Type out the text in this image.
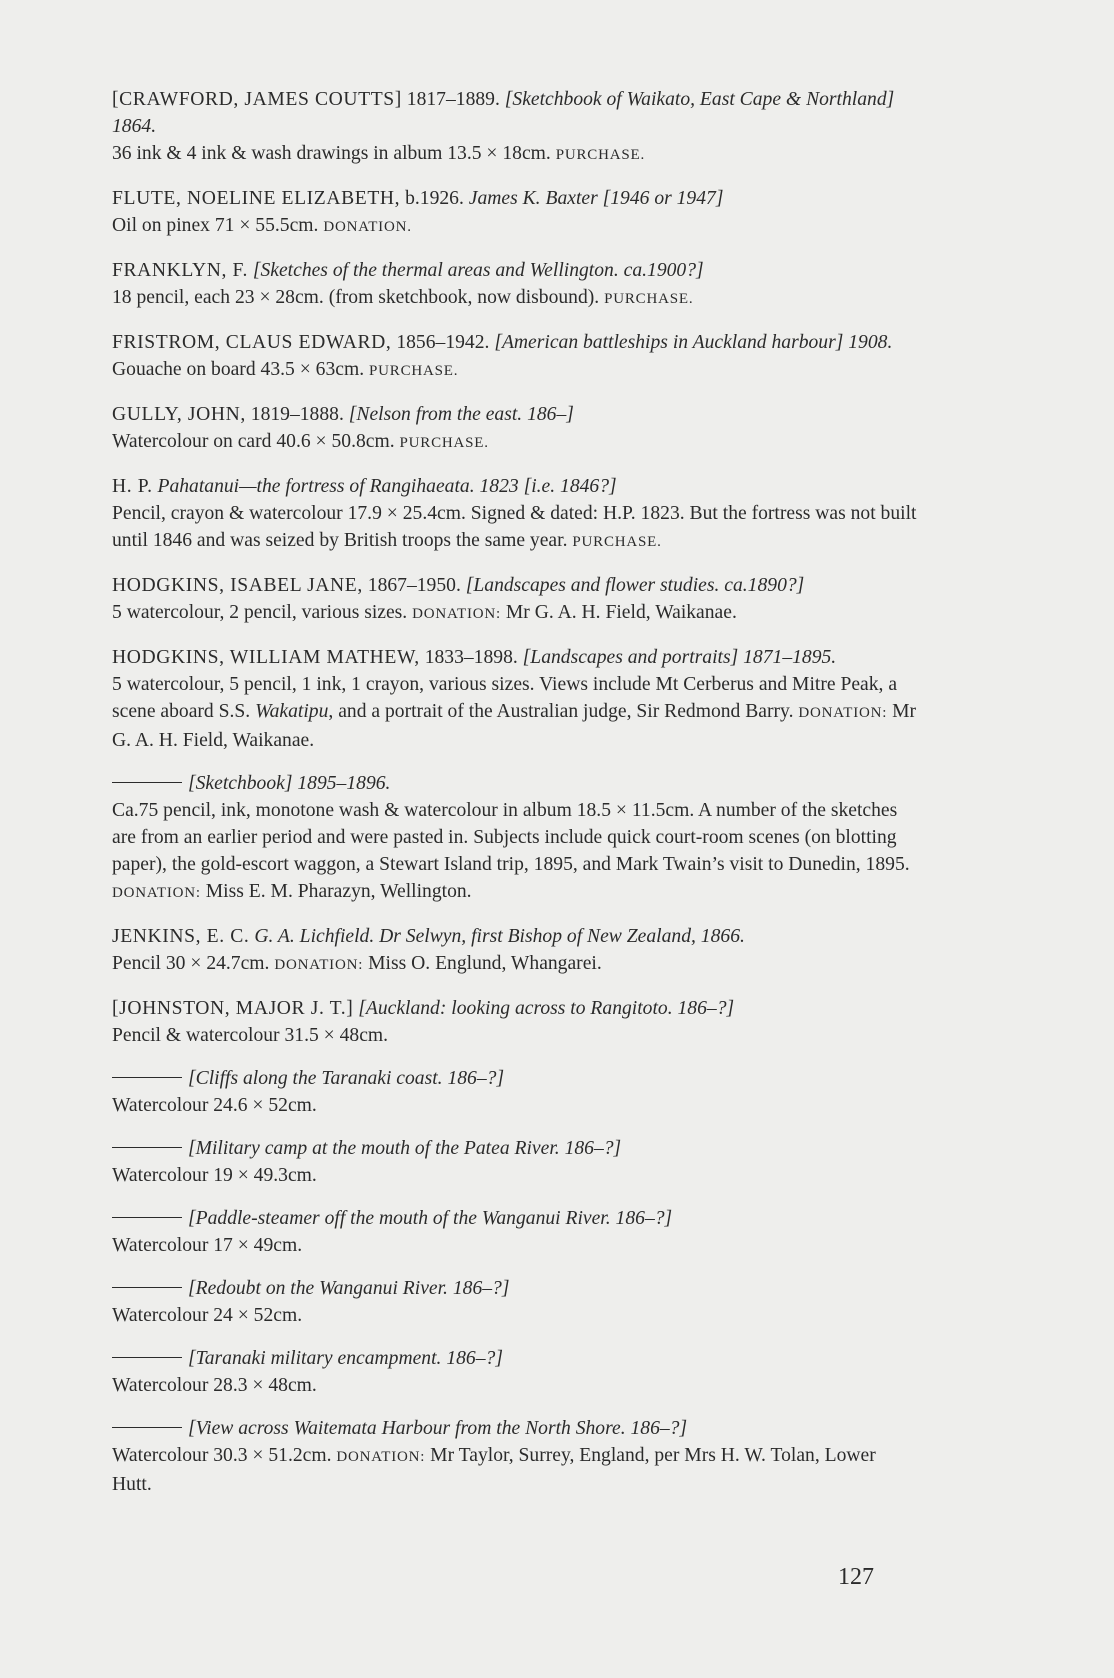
[CRAWFORD, JAMES COUTTS] 1817–1889. [Sketchbook of Waikato, East Cape & Northland] 1864.

36 ink & 4 ink & wash drawings in album 13.5 × 18cm. PURCHASE.

FLUTE, NOELINE ELIZABETH, b.1926. James K. Baxter [1946 or 1947]

Oil on pinex 71 × 55.5cm. DONATION.

FRANKLYN, F. [Sketches of the thermal areas and Wellington. ca.1900?]

18 pencil, each 23 × 28cm. (from sketchbook, now disbound). PURCHASE.

FRISTROM, CLAUS EDWARD, 1856–1942. [American battleships in Auckland harbour] 1908.

Gouache on board 43.5 × 63cm. PURCHASE.

GULLY, JOHN, 1819–1888. [Nelson from the east. 186–]

Watercolour on card 40.6 × 50.8cm. PURCHASE.

H. P. Pahatanui—the fortress of Rangihaeata. 1823 [i.e. 1846?]

Pencil, crayon & watercolour 17.9 × 25.4cm. Signed & dated: H.P. 1823. But the fortress was not built until 1846 and was seized by British troops the same year. PURCHASE.

HODGKINS, ISABEL JANE, 1867–1950. [Landscapes and flower studies. ca.1890?]

5 watercolour, 2 pencil, various sizes. DONATION: Mr G. A. H. Field, Waikanae.

HODGKINS, WILLIAM MATHEW, 1833–1898. [Landscapes and portraits] 1871–1895.

5 watercolour, 5 pencil, 1 ink, 1 crayon, various sizes. Views include Mt Cerberus and Mitre Peak, a scene aboard S.S. Wakatipu, and a portrait of the Australian judge, Sir Redmond Barry. DONATION: Mr G. A. H. Field, Waikanae.

[Sketchbook] 1895–1896.

Ca.75 pencil, ink, monotone wash & watercolour in album 18.5 × 11.5cm. A number of the sketches are from an earlier period and were pasted in. Subjects include quick court-room scenes (on blotting paper), the gold-escort waggon, a Stewart Island trip, 1895, and Mark Twain’s visit to Dunedin, 1895. DONATION: Miss E. M. Pharazyn, Wellington.

JENKINS, E. C. G. A. Lichfield. Dr Selwyn, first Bishop of New Zealand, 1866.

Pencil 30 × 24.7cm. DONATION: Miss O. Englund, Whangarei.

[JOHNSTON, MAJOR J. T.] [Auckland: looking across to Rangitoto. 186–?]

Pencil & watercolour 31.5 × 48cm.

[Cliffs along the Taranaki coast. 186–?]

Watercolour 24.6 × 52cm.

[Military camp at the mouth of the Patea River. 186–?]

Watercolour 19 × 49.3cm.

[Paddle-steamer off the mouth of the Wanganui River. 186–?]

Watercolour 17 × 49cm.

[Redoubt on the Wanganui River. 186–?]

Watercolour 24 × 52cm.

[Taranaki military encampment. 186–?]

Watercolour 28.3 × 48cm.

[View across Waitemata Harbour from the North Shore. 186–?]

Watercolour 30.3 × 51.2cm. DONATION: Mr Taylor, Surrey, England, per Mrs H. W. Tolan, Lower Hutt.

127
